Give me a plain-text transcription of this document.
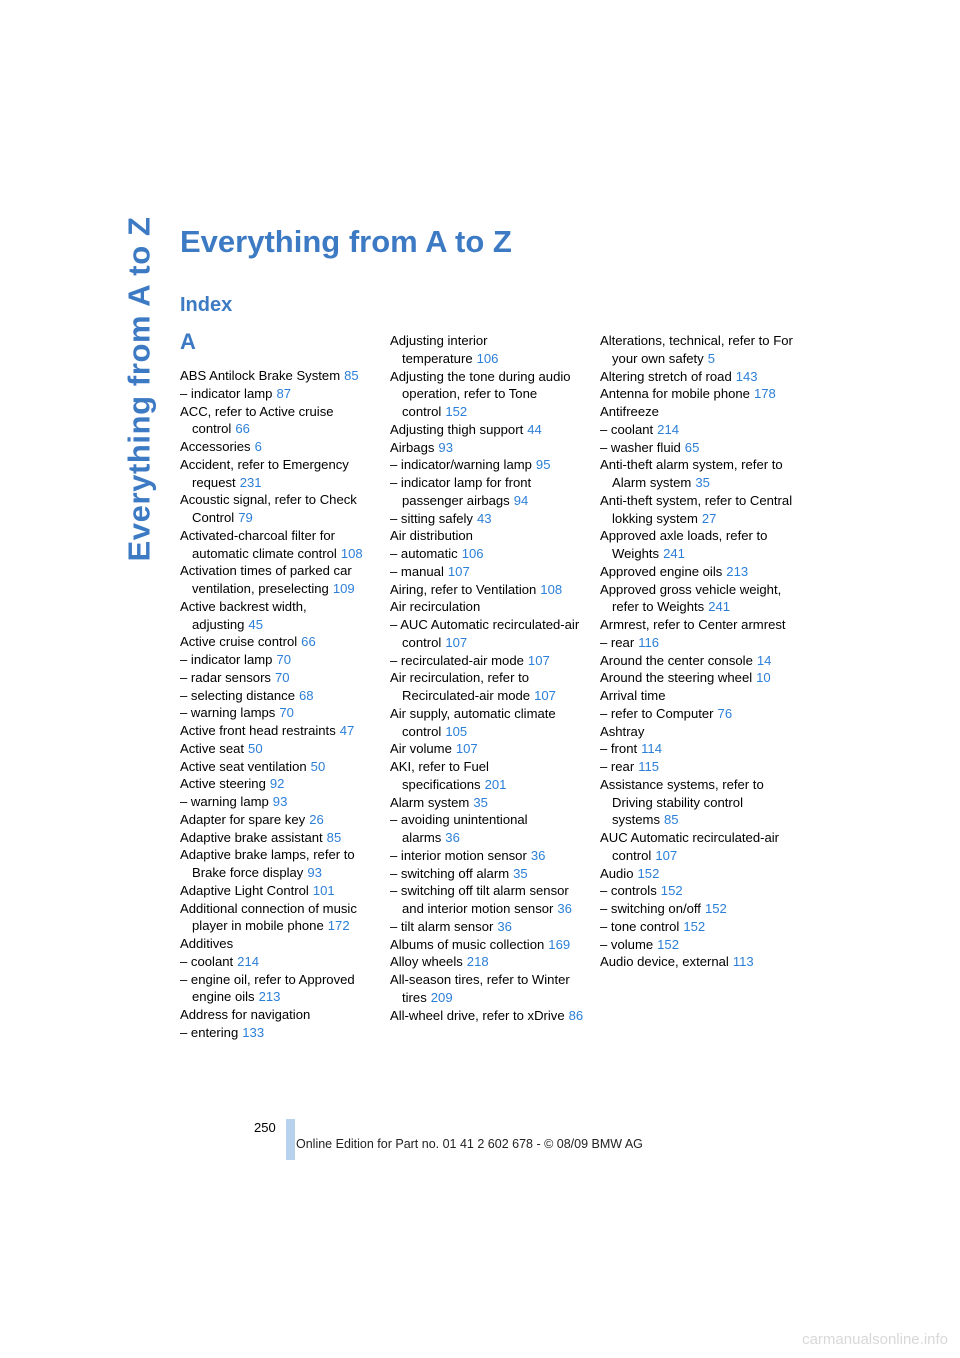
Everything from A to Z Everything from A to Z
Index
A
ABS Antilock Brake System 85
– indicator lamp 87
ACC, refer to Active cruise control 66
Accessories 6
Accident, refer to Emergency request 231
Acoustic signal, refer to Check Control 79
Activated-charcoal filter for automatic climate control 108
Activation times of parked car ventilation, preselecting 109
Active backrest width, adjusting 45
Active cruise control 66
– indicator lamp 70
– radar sensors 70
– selecting distance 68
– warning lamps 70
Active front head restraints 47
Active seat 50
Active seat ventilation 50
Active steering 92
– warning lamp 93
Adapter for spare key 26
Adaptive brake assistant 85
Adaptive brake lamps, refer to Brake force display 93
Adaptive Light Control 101
Additional connection of music player in mobile phone 172
Additives
– coolant 214
– engine oil, refer to Approved engine oils 213
Address for navigation
– entering 133
Adjusting interior temperature 106
Adjusting the tone during audio operation, refer to Tone control 152
Adjusting thigh support 44
Airbags 93
– indicator/warning lamp 95
– indicator lamp for front passenger airbags 94
– sitting safely 43
Air distribution
– automatic 106
– manual 107
Airing, refer to Ventilation 108
Air recirculation
– AUC Automatic recirculated-air control 107
– recirculated-air mode 107
Air recirculation, refer to Recirculated-air mode 107
Air supply, automatic climate control 105
Air volume 107
AKI, refer to Fuel specifications 201
Alarm system 35
– avoiding unintentional alarms 36
– interior motion sensor 36
– switching off alarm 35
– switching off tilt alarm sensor and interior motion sensor 36
– tilt alarm sensor 36
Albums of music collection 169
Alloy wheels 218
All-season tires, refer to Winter tires 209
All-wheel drive, refer to xDrive 86
Alterations, technical, refer to For your own safety 5
Altering stretch of road 143
Antenna for mobile phone 178
Antifreeze
– coolant 214
– washer fluid 65
Anti-theft alarm system, refer to Alarm system 35
Anti-theft system, refer to Central lokking system 27
Approved axle loads, refer to Weights 241
Approved engine oils 213
Approved gross vehicle weight, refer to Weights 241
Armrest, refer to Center armrest
– rear 116
Around the center console 14
Around the steering wheel 10
Arrival time
– refer to Computer 76
Ashtray
– front 114
– rear 115
Assistance systems, refer to Driving stability control systems 85
AUC Automatic recirculated-air control 107
Audio 152
– controls 152
– switching on/off 152
– tone control 152
– volume 152
Audio device, external 113
250
Online Edition for Part no. 01 41 2 602 678 - © 08/09 BMW AG
carmanualsonline.info
